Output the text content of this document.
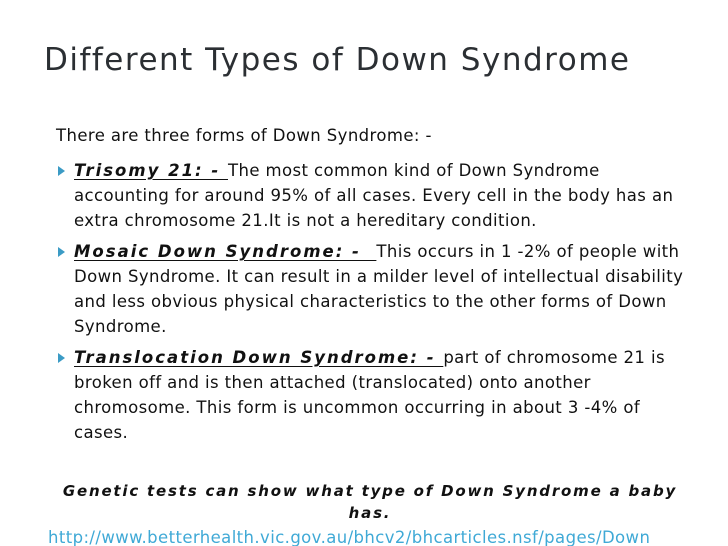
Different Types of Down Syndrome
There are three forms of Down Syndrome: -
Trisomy 21: - The most common kind of Down Syndrome accounting for around 95% of all cases. Every cell in the body has an extra chromosome 21.It is not a hereditary condition.
Mosaic Down Syndrome: -  This occurs in 1 -2% of people with Down Syndrome. It can result in a milder level of intellectual disability and less obvious physical characteristics to the other forms of Down Syndrome.
Translocation Down Syndrome: - part of chromosome 21 is broken off and is then attached (translocated) onto another chromosome. This form is uncommon occurring in about 3 -4% of cases.
Genetic tests can show what type of Down Syndrome a baby has.
http://www.betterhealth.vic.gov.au/bhcv2/bhcarticles.nsf/pages/Down
